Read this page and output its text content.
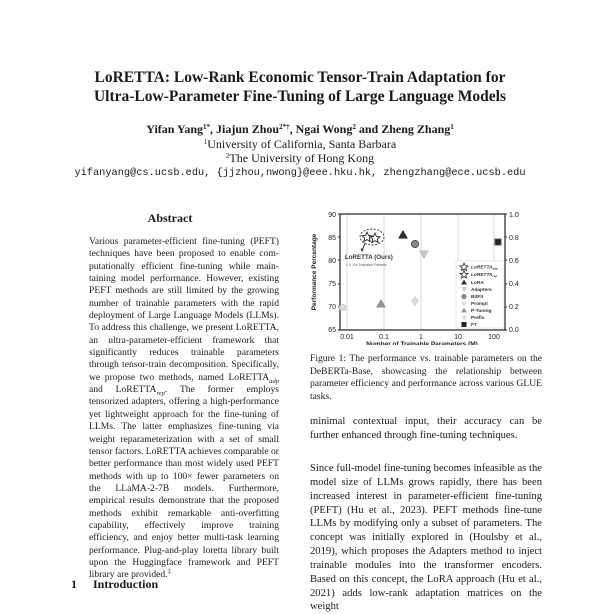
LoRETTA: Low-Rank Economic Tensor-Train Adaptation for
Ultra-Low-Parameter Fine-Tuning of Large Language Models
Yifan Yang$^{1*}$, Jiajun Zhou$^{2*\dagger}$, Ngai Wong$^2$ and Zheng Zhang$^1$
$^1$University of California, Santa Barbara
$^2$The University of Hong Kong
yifanyang@cs.ucsb.edu, {jjzhou,nwong}@eee.hku.hk, zhengzhang@ece.ucsb.edu
Abstract
Various parameter-efficient fine-tuning (PEFT) techniques have been proposed to enable computationally efficient fine-tuning while maintaining model performance. However, existing PEFT methods are still limited by the growing number of trainable parameters with the rapid deployment of Large Language Models (LLMs). To address this challenge, we present LoRETTA, an ultra-parameter-efficient framework that significantly reduces trainable parameters through tensor-train decomposition. Specifically, we propose two methods, named LoRETTA$_{adp}$ and LoRETTA$_{rep}$. The former employs tensorized adapters, offering a high-performance yet lightweight approach for the fine-tuning of LLMs. The latter emphasizes fine-tuning via weight reparameterization with a set of small tensor factors. LoRETTA achieves comparable or better performance than most widely used PEFT methods with up to 100× fewer parameters on the LLaMA-2-7B models. Furthermore, empirical results demonstrate that the proposed methods exhibit remarkable anti-overfitting capability, effectively improve training efficiency, and enjoy better multi-task learning performance. Plug-and-play loretta library built upon the Huggingface framework and PEFT library are provided.‡
1 Introduction
90
85
80
75
70
65
1.0
0.8
0.6
0.4
0.2
0.0
0.01	0.1	1	10	100
Number of Trainable Parameters (M)
Performance Percentage	LoRETTA (Ours)
< 0.1% Trainable Params
LoRETTA$_{adp}$
LoRETTA$_{rep}$
LoRA
Adapters
BitFit
Prompt
P-Tuning
Prefix
FT
Figure 1: The performance vs. trainable parameters on the DeBERTa-Base, showcasing the relationship between parameter efficiency and performance across various GLUE tasks.
minimal contextual input, their accuracy can be further enhanced through fine-tuning techniques.
Since full-model fine-tuning becomes infeasible as the model size of LLMs grows rapidly, there has been increased interest in parameter-efficient fine-tuning (PEFT) (Hu et al., 2023). PEFT methods fine-tune LLMs by modifying only a subset of parameters. The concept was initially explored in (Houlsby et al., 2019), which proposes the Adapters method to inject trainable modules into the transformer encoders. Based on this concept, the LoRA approach (Hu et al., 2021) adds low-rank adaptation matrices on the weight
